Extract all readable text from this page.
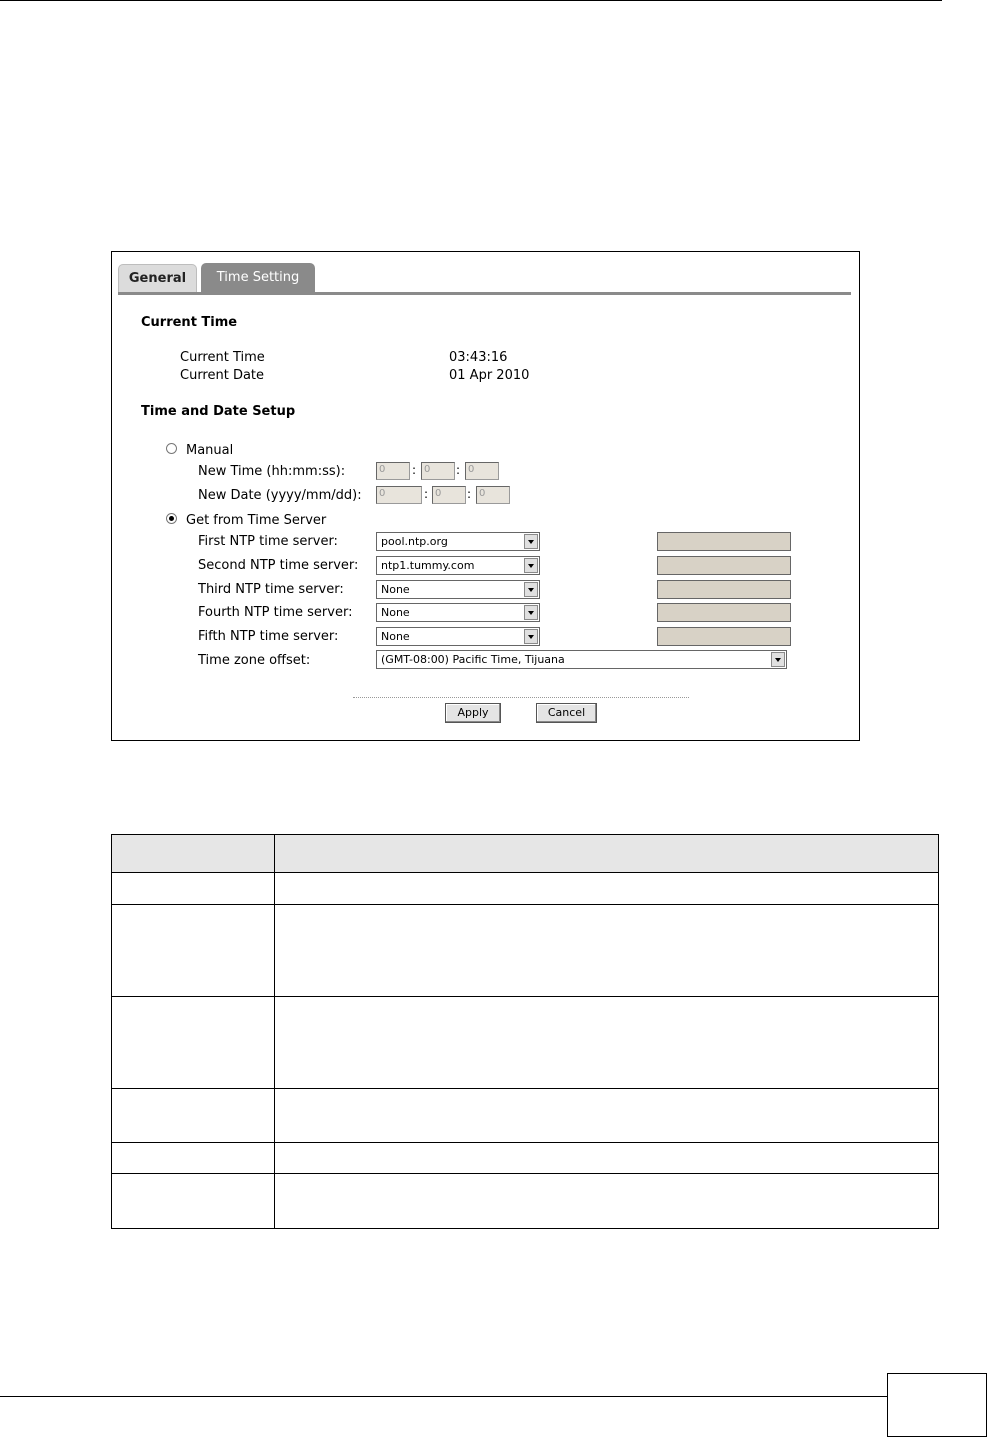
General	Time Setting
Current Time
Current Time	03:43:16
Current Date	01 Apr 2010
Time and Date Setup
Manual
New Time (hh:mm:ss):	0	: 0	: 0
New Date (yyyy/mm/dd):	0	: 0	: 0
Get from Time Server
First NTP time server:	pool.ntp.org
Second NTP time server:	ntp1.tummy.com
Third NTP time server:	None
Fourth NTP time server:	None
Fifth NTP time server:	None
Time zone offset:	(GMT-08:00) Pacific Time, Tijuana
Apply	Cancel
